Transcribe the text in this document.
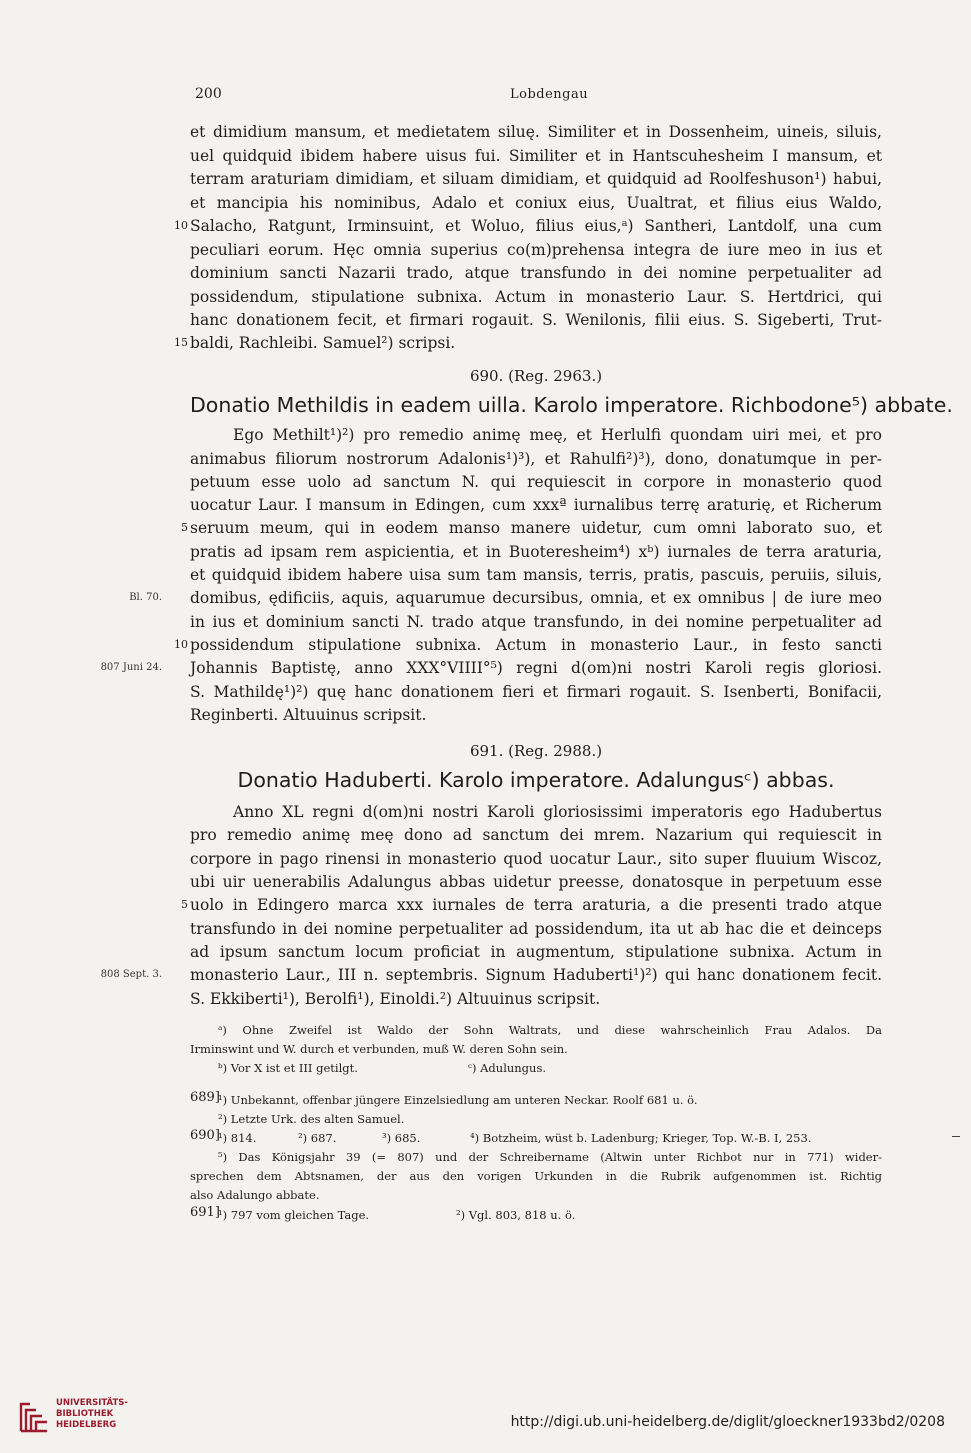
200	Lobdengau
et dimidium mansum, et medietatem siluę. Similiter et in Dossenheim, uineis, siluis,
uel quidquid ibidem habere uisus fui. Similiter et in Hantscuhesheim I mansum, et
terram araturiam dimidiam, et siluam dimidiam, et quidquid ad Roolfeshuson¹) habui,
et mancipia his nominibus, Adalo et coniux eius, Uualtrat, et filius eius Waldo,
10 Salacho, Ratgunt, Irminsuint, et Woluo, filius eius,ᵃ) Santheri, Lantdolf, una cum
peculiari eorum. Hęc omnia superius co(m)prehensa integra de iure meo in ius et
dominium sancti Nazarii trado, atque transfundo in dei nomine perpetualiter ad
possidendum, stipulatione subnixa. Actum in monasterio Laur. S. Hertdrici, qui
hanc donationem fecit, et firmari rogauit. S. Wenilonis, filii eius. S. Sigeberti, Trut-
15 baldi, Rachleibi. Samuel²) scripsi.
690. (Reg. 2963.)
Donatio Methildis in eadem uilla. Karolo imperatore. Richbodone⁵) abbate.
Ego Methilt¹)²) pro remedio animę meę, et Herlulfi quondam uiri mei, et pro
animabus filiorum nostrorum Adalonis¹)³), et Rahulfi²)³), dono, donatumque in per-
petuum esse uolo ad sanctum N. qui requiescit in corpore in monasterio quod
uocatur Laur. I mansum in Edingen, cum xxxª iurnalibus terrę araturię, et Richerum
5 seruum meum, qui in eodem manso manere uidetur, cum omni laborato suo, et
pratis ad ipsam rem aspicientia, et in Buoteresheim⁴) xᵇ) iurnales de terra araturia,
et quidquid ibidem habere uisa sum tam mansis, terris, pratis, pascuis, peruiis, siluis,
Bl. 70. domibus, ędificiis, aquis, aquarumue decursibus, omnia, et ex omnibus | de iure meo
in ius et dominium sancti N. trado atque transfundo, in dei nomine perpetualiter ad
10 possidendum stipulatione subnixa. Actum in monasterio Laur., in festo sancti
807 Juni 24. Johannis Baptistę, anno XXX°VIIII°⁵) regni d(om)ni nostri Karoli regis gloriosi.
S. Mathildę¹)²) quę hanc donationem fieri et firmari rogauit. S. Isenberti, Bonifacii,
Reginberti. Altuuinus scripsit.
691. (Reg. 2988.)
Donatio Haduberti. Karolo imperatore. Adalungusᶜ) abbas.
Anno XL regni d(om)ni nostri Karoli gloriosissimi imperatoris ego Hadubertus
pro remedio animę meę dono ad sanctum dei mrem. Nazarium qui requiescit in
corpore in pago rinensi in monasterio quod uocatur Laur., sito super fluuium Wiscoz,
ubi uir uenerabilis Adalungus abbas uidetur preesse, donatosque in perpetuum esse
5 uolo in Edingero marca xxx iurnales de terra araturia, a die presenti trado atque
transfundo in dei nomine perpetualiter ad possidendum, ita ut ab hac die et deinceps
ad ipsum sanctum locum proficiat in augmentum, stipulatione subnixa. Actum in
808 Sept. 3. monasterio Laur., III n. septembris. Signum Haduberti¹)²) qui hanc donationem fecit.
S. Ekkiberti¹), Berolfi¹), Einoldi.²) Altuuinus scripsit.
ᵃ) Ohne Zweifel ist Waldo der Sohn Waltrats, und diese wahrscheinlich Frau Adalos. Da
Irminswint und W. durch et verbunden, muß W. deren Sohn sein.
ᵇ) Vor X ist et III getilgt.	ᶜ) Adulungus.
689]
¹) Unbekannt, offenbar jüngere Einzelsiedlung am unteren Neckar. Roolf 681 u. ö.
²) Letzte Urk. des alten Samuel.
690]
¹) 814.	²) 687.	³) 685.	⁴) Botzheim, wüst b. Ladenburg; Krieger, Top. W.-B. I, 253.
⁵) Das Königsjahr 39 (= 807) und der Schreibername (Altwin unter Richbot nur in 771) wider-
sprechen dem Abtsnamen, der aus den vorigen Urkunden in die Rubrik aufgenommen ist. Richtig
also Adalungo abbate.
691]
¹) 797 vom gleichen Tage.	²) Vgl. 803, 818 u. ö.
UNIVERSITÄTS-
BIBLIOTHEK
HEIDELBERG	http://digi.ub.uni-heidelberg.de/diglit/gloeckner1933bd2/0208
